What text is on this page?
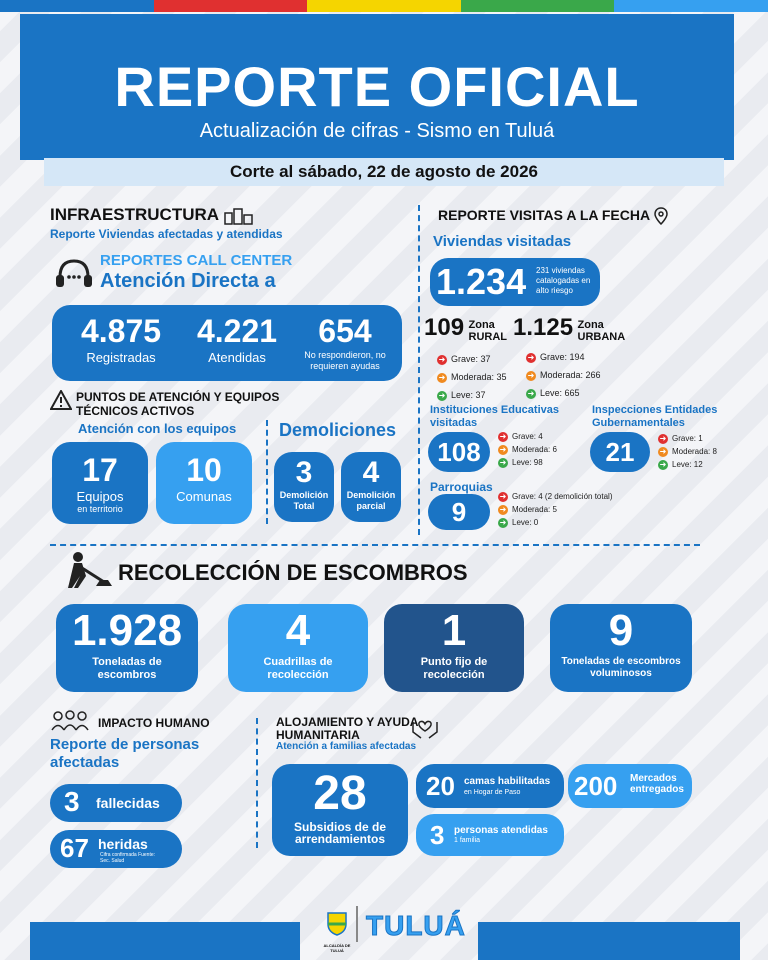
REPORTE OFICIAL
Actualización de cifras - Sismo en Tuluá
Corte al sábado, 22 de agosto de 2026
INFRAESTRUCTURA
Reporte Viviendas afectadas y atendidas
REPORTES CALL CENTER
Atención Directa a
4.875
Registradas
4.221
Atendidas
654
No respondieron, no requieren ayudas
PUNTOS DE ATENCIÓN Y EQUIPOS TÉCNICOS ACTIVOS
Atención con los equipos
17
Equipos
en territorio
10
Comunas
Demoliciones
3
Demolición Total
4
Demolición parcial
REPORTE VISITAS A LA FECHA
Viviendas visitadas
1.234 231 viviendas catalogadas en alto riesgo
109 Zona RURAL 1.125 Zona URBANA
➜ Grave: 37
➜ Moderada: 35
➜ Leve: 37
➜ Grave: 194
➜ Moderada: 266
➜ Leve: 665
Instituciones Educativas visitadas
108
➜ Grave: 4
➜ Moderada: 6
➜ Leve: 98
Inspecciones Entidades Gubernamentales
21	➜ Grave: 1
➜ Moderada: 8
➜ Leve: 12
Parroquias
9
➜ Grave: 4 (2 demolición total)
➜ Moderada: 5
➜ Leve: 0
RECOLECCIÓN DE ESCOMBROS
1.928
Toneladas de escombros
4
Cuadrillas de recolección
1
Punto fijo de recolección
9
Toneladas de escombros voluminosos
IMPACTO HUMANO
Reporte de personas afectadas
3 fallecidas
67 heridas
Cifra confirmada Fuente: Sec. Salud
ALOJAMIENTO Y AYUDA HUMANITARIA
Atención a familias afectadas
28
Subsidios de de arrendamientos
20 camas habilitadas
en Hogar de Paso 200 Mercados entregados
3 personas atendidas
1 familia
ALCALDÍA DE TULUÁ
TULUÁ
